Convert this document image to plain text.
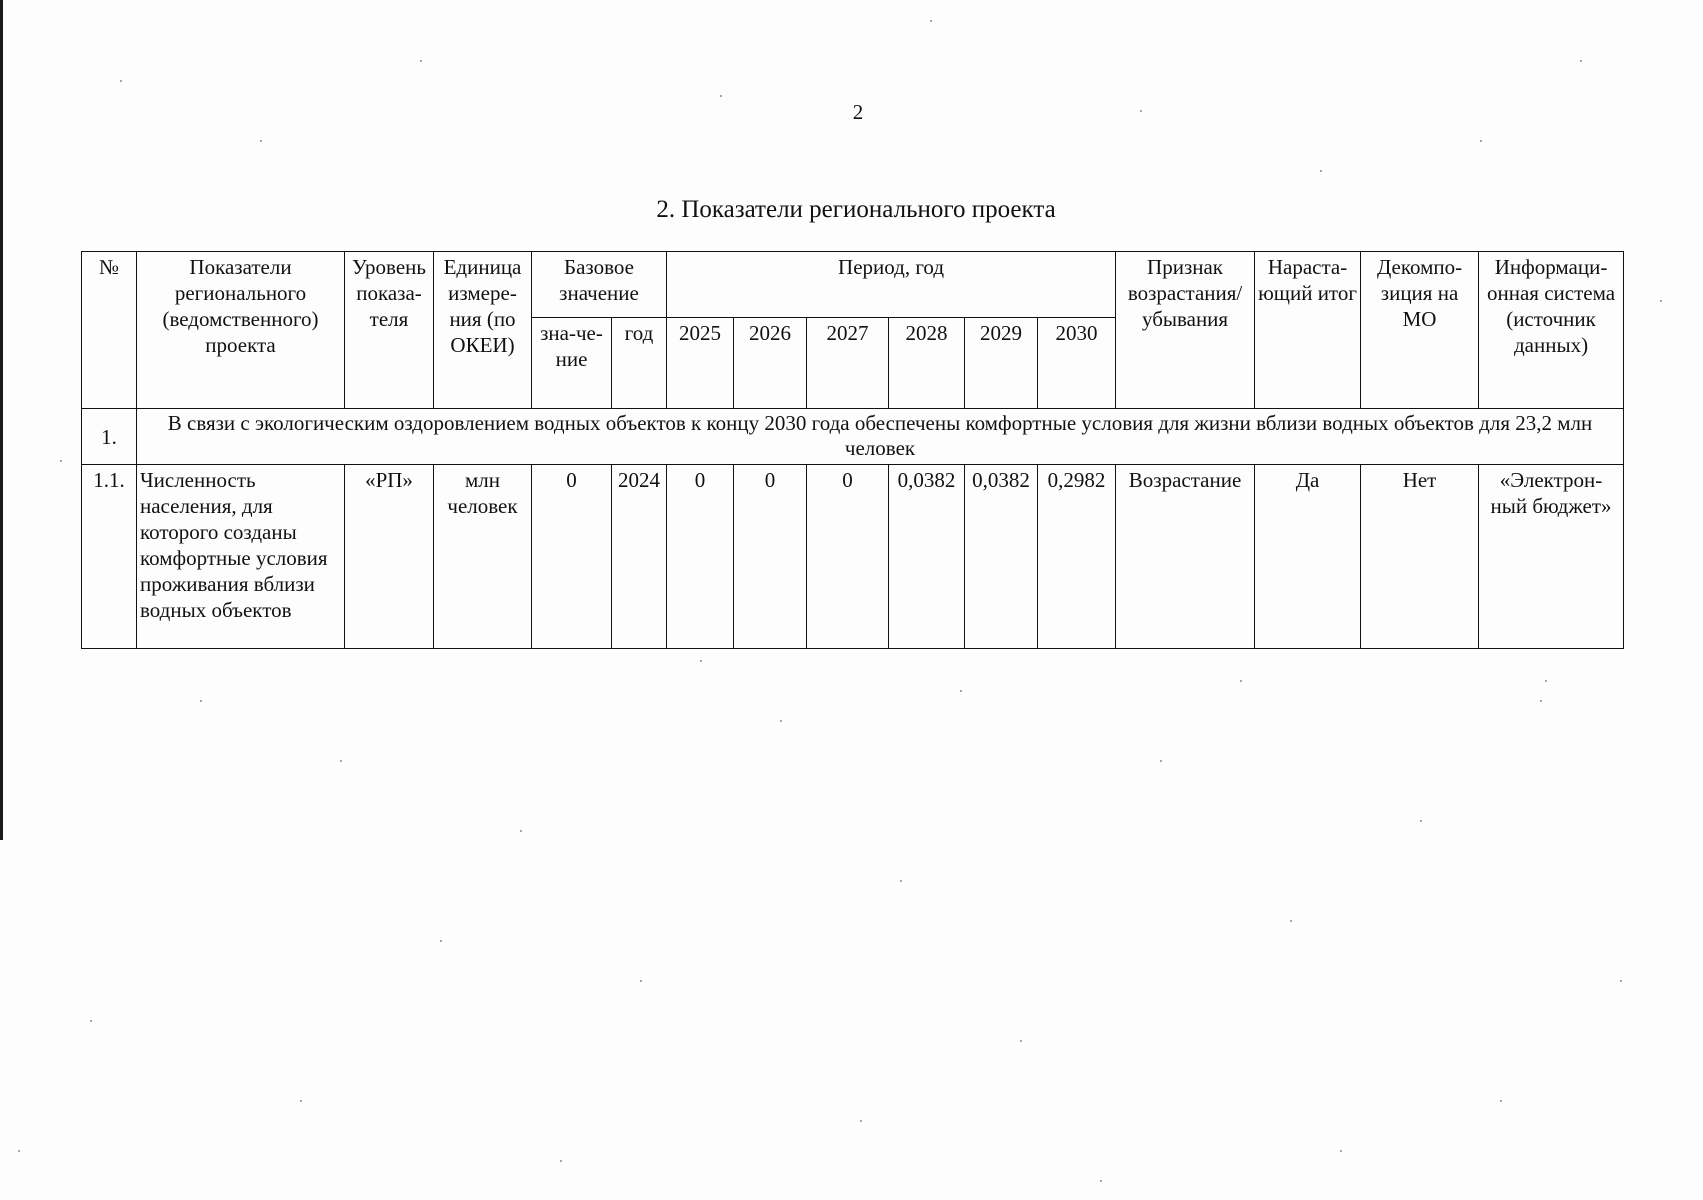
2
2. Показатели регионального проекта
№	Показатели регионального (ведомственного) проекта	Уровень показа-теля	Единица измере-ния (по ОКЕИ)	Базовое значение		Период, год						Признак возрастания/ убывания	Нараста-ющий итог	Декомпо-зиция на МО	Информаци-онная система (источник данных)
				зна-че-ние	год	2025	2026	2027	2028	2029	2030				
1.	В связи с экологическим оздоровлением водных объектов к концу 2030 года обеспечены комфортные условия для жизни вблизи водных объектов для 23,2 млн человек														
1.1.	Численность населения, для которого созданы комфортные условия проживания вблизи водных объектов	«РП»	млн человек	0	2024	0	0	0	0,0382	0,0382	0,2982	Возрастание	Да	Нет	«Электрон-ный бюджет»
